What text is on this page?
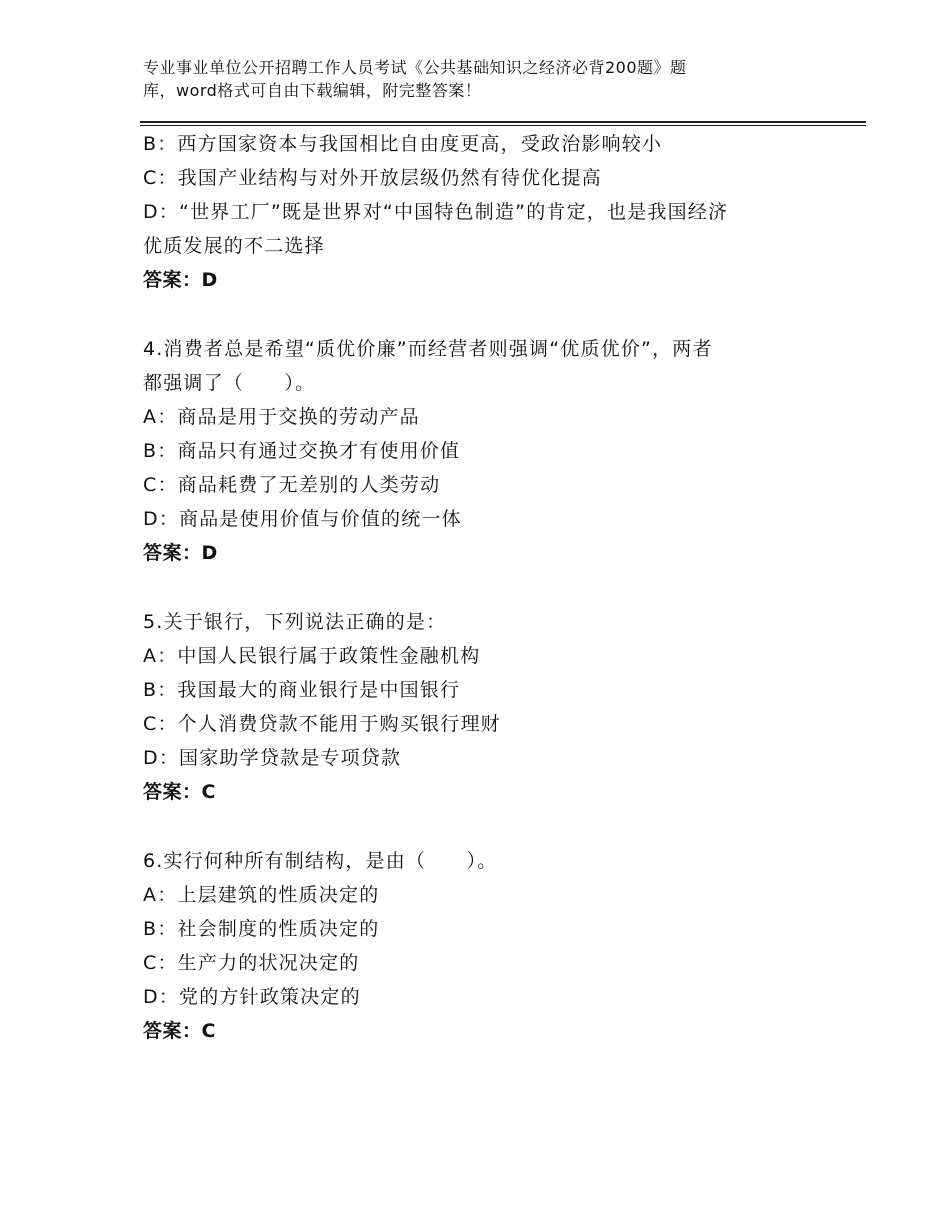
专业事业单位公开招聘工作人员考试《公共基础知识之经济必背200题》题
库，word格式可自由下载编辑，附完整答案！
B：西方国家资本与我国相比自由度更高，受政治影响较小
C：我国产业结构与对外开放层级仍然有待优化提高
D：“世界工厂”既是世界对“中国特色制造”的肯定，也是我国经济
优质发展的不二选择
答案：D
4.消费者总是希望“质优价廉”而经营者则强调“优质优价”，两者
都强调了（　　）。
A：商品是用于交换的劳动产品
B：商品只有通过交换才有使用价值
C：商品耗费了无差别的人类劳动
D：商品是使用价值与价值的统一体
答案：D
5.关于银行，下列说法正确的是：
A：中国人民银行属于政策性金融机构
B：我国最大的商业银行是中国银行
C：个人消费贷款不能用于购买银行理财
D：国家助学贷款是专项贷款
答案：C
6.实行何种所有制结构，是由（　　）。
A：上层建筑的性质决定的
B：社会制度的性质决定的
C：生产力的状况决定的
D：党的方针政策决定的
答案：C
